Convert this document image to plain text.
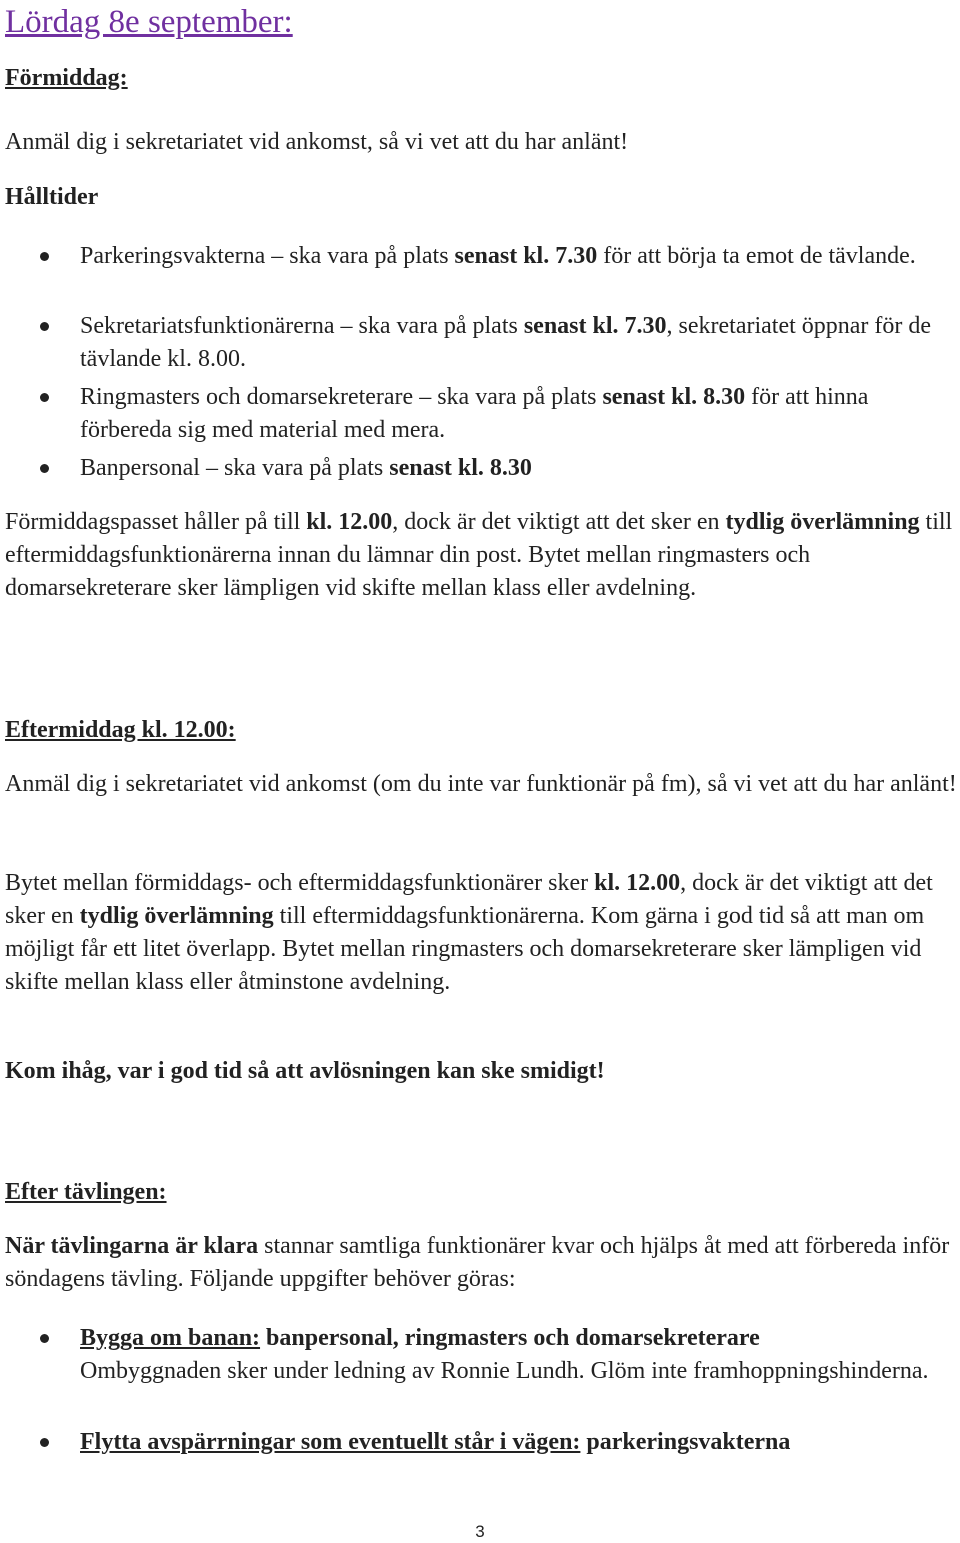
Lördag 8e september:

Förmiddag:

Anmäl dig i sekretariatet vid ankomst, så vi vet att du har anlänt!

Hålltider

Parkeringsvakterna – ska vara på plats senast kl. 7.30 för att börja ta emot de tävlande.

Sekretariatsfunktionärerna – ska vara på plats senast kl. 7.30, sekretariatet öppnar för de tävlande kl. 8.00.

Ringmasters och domarsekreterare – ska vara på plats senast kl. 8.30 för att hinna förbereda sig med material med mera.

Banpersonal – ska vara på plats senast kl. 8.30

Förmiddagspasset håller på till kl. 12.00, dock är det viktigt att det sker en tydlig överlämning till eftermiddagsfunktionärerna innan du lämnar din post. Bytet mellan ringmasters och domarsekreterare sker lämpligen vid skifte mellan klass eller avdelning.

Eftermiddag kl. 12.00:

Anmäl dig i sekretariatet vid ankomst (om du inte var funktionär på fm), så vi vet att du har anlänt!

Bytet mellan förmiddags- och eftermiddagsfunktionärer sker kl. 12.00, dock är det viktigt att det sker en tydlig överlämning till eftermiddagsfunktionärerna. Kom gärna i god tid så att man om möjligt får ett litet överlapp. Bytet mellan ringmasters och domarsekreterare sker lämpligen vid skifte mellan klass eller åtminstone avdelning.

Kom ihåg, var i god tid så att avlösningen kan ske smidigt!

Efter tävlingen:

När tävlingarna är klara stannar samtliga funktionärer kvar och hjälps åt med att förbereda inför söndagens tävling. Följande uppgifter behöver göras:

Bygga om banan: banpersonal, ringmasters och domarsekreterare
Ombyggnaden sker under ledning av Ronnie Lundh. Glöm inte framhoppningshinderna.

Flytta avspärrningar som eventuellt står i vägen: parkeringsvakterna

3
